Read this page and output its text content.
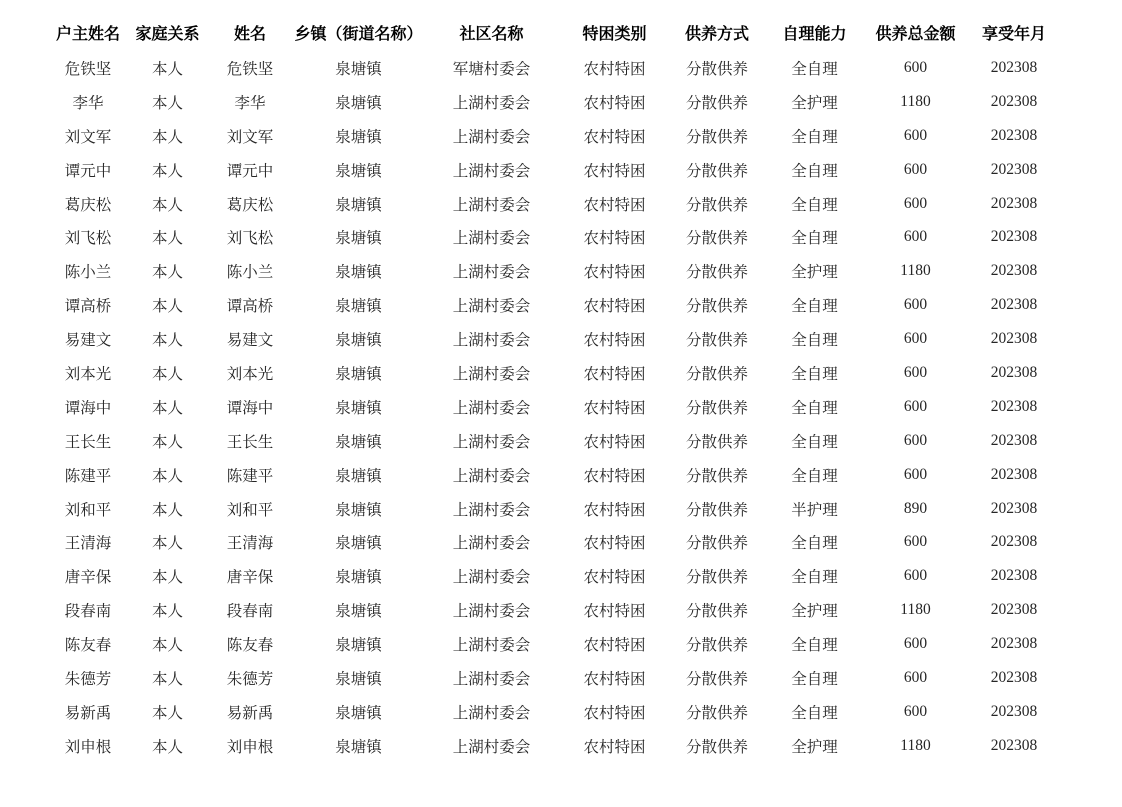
户主姓名	家庭关系	姓名	乡镇（街道名称）	社区名称	特困类别	供养方式	自理能力	供养总金额	享受年月
危铁坚	本人	危铁坚	泉塘镇	军塘村委会	农村特困	分散供养	全自理	600	202308
李华	本人	李华	泉塘镇	上湖村委会	农村特困	分散供养	全护理	1180	202308
刘文军	本人	刘文军	泉塘镇	上湖村委会	农村特困	分散供养	全自理	600	202308
谭元中	本人	谭元中	泉塘镇	上湖村委会	农村特困	分散供养	全自理	600	202308
葛庆松	本人	葛庆松	泉塘镇	上湖村委会	农村特困	分散供养	全自理	600	202308
刘飞松	本人	刘飞松	泉塘镇	上湖村委会	农村特困	分散供养	全自理	600	202308
陈小兰	本人	陈小兰	泉塘镇	上湖村委会	农村特困	分散供养	全护理	1180	202308
谭高桥	本人	谭高桥	泉塘镇	上湖村委会	农村特困	分散供养	全自理	600	202308
易建文	本人	易建文	泉塘镇	上湖村委会	农村特困	分散供养	全自理	600	202308
刘本光	本人	刘本光	泉塘镇	上湖村委会	农村特困	分散供养	全自理	600	202308
谭海中	本人	谭海中	泉塘镇	上湖村委会	农村特困	分散供养	全自理	600	202308
王长生	本人	王长生	泉塘镇	上湖村委会	农村特困	分散供养	全自理	600	202308
陈建平	本人	陈建平	泉塘镇	上湖村委会	农村特困	分散供养	全自理	600	202308
刘和平	本人	刘和平	泉塘镇	上湖村委会	农村特困	分散供养	半护理	890	202308
王清海	本人	王清海	泉塘镇	上湖村委会	农村特困	分散供养	全自理	600	202308
唐辛保	本人	唐辛保	泉塘镇	上湖村委会	农村特困	分散供养	全自理	600	202308
段春南	本人	段春南	泉塘镇	上湖村委会	农村特困	分散供养	全护理	1180	202308
陈友春	本人	陈友春	泉塘镇	上湖村委会	农村特困	分散供养	全自理	600	202308
朱德芳	本人	朱德芳	泉塘镇	上湖村委会	农村特困	分散供养	全自理	600	202308
易新禹	本人	易新禹	泉塘镇	上湖村委会	农村特困	分散供养	全自理	600	202308
刘申根	本人	刘申根	泉塘镇	上湖村委会	农村特困	分散供养	全护理	1180	202308
